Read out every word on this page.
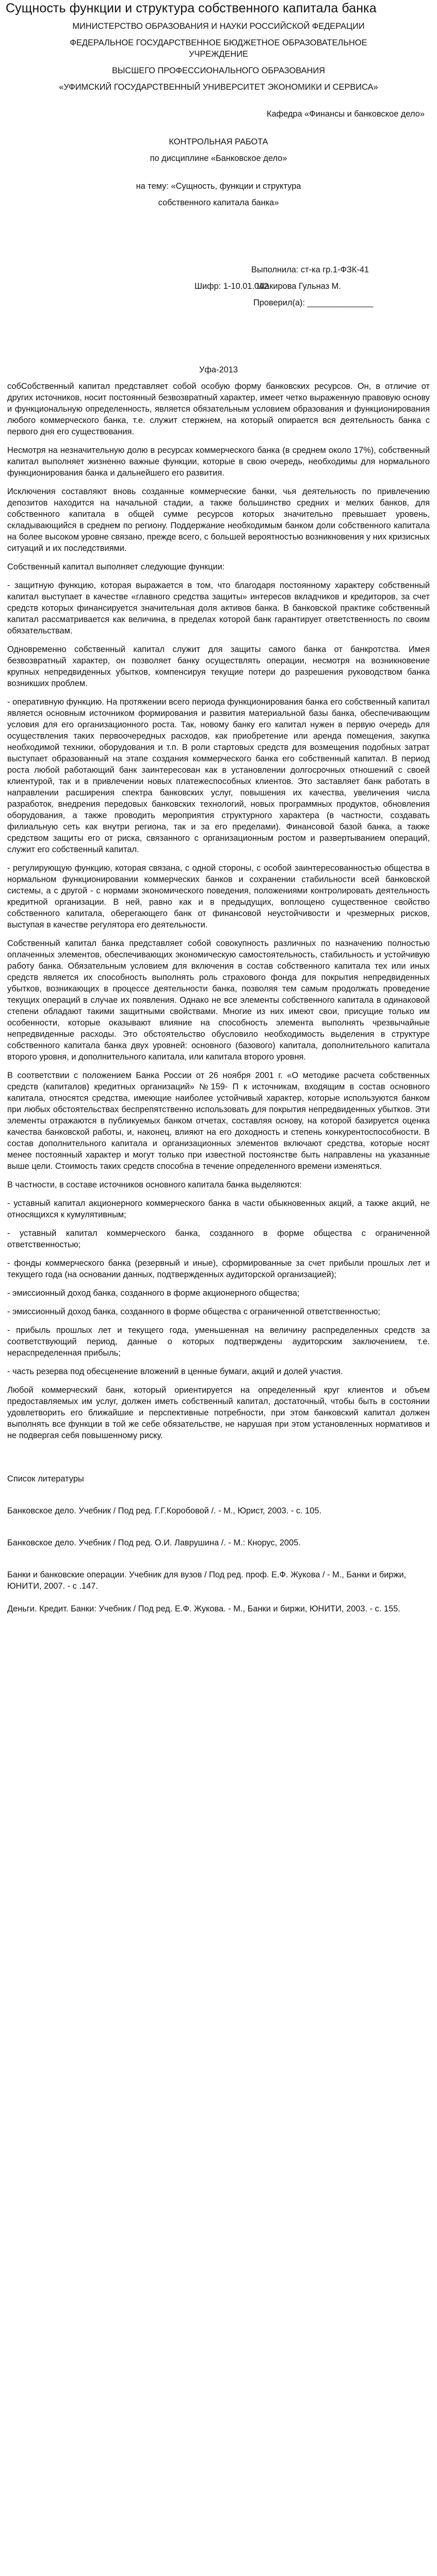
Сущность функции и структура собственного капитала банка
МИНИСТЕРСТВО ОБРАЗОВАНИЯ И НАУКИ РОССИЙСКОЙ ФЕДЕРАЦИИ
ФЕДЕРАЛЬНОЕ ГОСУДАРСТВЕННОЕ БЮДЖЕТНОЕ ОБРАЗОВАТЕЛЬНОЕ
УЧРЕЖДЕНИЕ
ВЫСШЕГО ПРОФЕССИОНАЛЬНОГО ОБРАЗОВАНИЯ
«УФИМСКИЙ ГОСУДАРСТВЕННЫЙ УНИВЕРСИТЕТ ЭКОНОМИКИ И СЕРВИСА»
Кафедра «Финансы и банковское дело»
КОНТРОЛЬНАЯ РАБОТА
по дисциплине «Банковское дело»
на тему: «Сущность, функции и структура
собственного капитала банка»
Выполнила: ст-ка гр.1-ФЗК-41
Шакирова Гульназ М.
Шифр: 1-10.01.042
Проверил(а): ______________
Уфа-2013

собСобственный капитал представляет собой особую форму банковских ресурсов. Он, в отличие от других источников, носит постоянный безвозвратный характер, имеет четко выраженную правовую основу и функциональную определенность, является обязательным условием образования и функционирования любого коммерческого банка, т.е. служит стержнем, на который опирается вся деятельность банка с первого дня его существования.

Несмотря на незначительную долю в ресурсах коммерческого банка (в среднем около 17%), собственный капитал выполняет жизненно важные функции, которые в свою очередь, необходимы для нормального функционирования банка и дальнейшего его развития.

Исключения составляют вновь созданные коммерческие банки, чья деятельность по привлечению депозитов находится на начальной стадии, а также большинство средних и мелких банков, для собственного капитала в общей сумме ресурсов которых значительно превышает уровень, складывающийся в среднем по региону. Поддержание необходимым банком доли собственного капитала на более высоком уровне связано, прежде всего, с большей вероятностью возникновения у них кризисных ситуаций и их последствиями.

Собственный капитал выполняет следующие функции:

- защитную функцию, которая выражается в том, что благодаря постоянному характеру собственный капитал выступает в качестве «главного средства защиты» интересов вкладчиков и кредиторов, за счет средств которых финансируется значительная доля активов банка. В банковской практике собственный капитал рассматривается как величина, в пределах которой банк гарантирует ответственность по своим обязательствам.

Одновременно собственный капитал служит для защиты самого банка от банкротства. Имея безвозвратный характер, он позволяет банку осуществлять операции, несмотря на возникновение крупных непредвиденных убытков, компенсируя текущие потери до разрешения руководством банка возникших проблем.

- оперативную функцию. На протяжении всего периода функционирования банка его собственный капитал является основным источником формирования и развития материальной базы банка, обеспечивающим условия для его организационного роста. Так, новому банку его капитал нужен в первую очередь для осуществления таких первоочередных расходов, как приобретение или аренда помещения, закупка необходимой техники, оборудования и т.п. В роли стартовых средств для возмещения подобных затрат выступает образованный на этапе создания коммерческого банка его собственный капитал. В период роста любой работающий банк заинтересован как в установлении долгосрочных отношений с своей клиентурой, так и в привлечении новых платежеспособных клиентов. Это заставляет банк работать в направлении расширения спектра банковских услуг, повышения их качества, увеличения числа разработок, внедрения передовых банковских технологий, новых программных продуктов, обновления оборудования, а также проводить мероприятия структурного характера (в частности, создавать филиальную сеть как внутри региона, так и за его пределами). Финансовой базой банка, а также средством защиты его от риска, связанного с организационным ростом и развертыванием операций, служит его собственный капитал.

- регулирующую функцию, которая связана, с одной стороны, с особой заинтересованностью общества в нормальном функционировании коммерческих банков и сохранении стабильности всей банковской системы, а с другой - с нормами экономического поведения, положениями контролировать деятельность кредитной организации. В ней, равно как и в предыдущих, воплощено существенное свойство собственного капитала, оберегающего банк от финансовой неустойчивости и чрезмерных рисков, выступая в качестве регулятора его деятельности.

Собственный капитал банка представляет собой совокупность различных по назначению полностью оплаченных элементов, обеспечивающих экономическую самостоятельность, стабильность и устойчивую работу банка. Обязательным условием для включения в состав собственного капитала тех или иных средств является их способность выполнять роль страхового фонда для покрытия непредвиденных убытков, возникающих в процессе деятельности банка, позволяя тем самым продолжать проведение текущих операций в случае их появления. Однако не все элементы собственного капитала в одинаковой степени обладают такими защитными свойствами. Многие из них имеют свои, присущие только им особенности, которые оказывают влияние на способность элемента выполнять чрезвычайные непредвиденные расходы. Это обстоятельство обусловило необходимость выделения в структуре собственного капитала банка двух уровней: основного (базового) капитала, дополнительного капитала второго уровня, и дополнительного капитала, или капитала второго уровня.

В соответствии с положением Банка России от 26 ноября 2001 г. «О методике расчета собственных средств (капиталов) кредитных организаций» №159- П к источникам, входящим в состав основного капитала, относятся средства, имеющие наиболее устойчивый характер, которые используются банком при любых обстоятельствах беспрепятственно использовать для покрытия непредвиденных убытков. Эти элементы отражаются в публикуемых банком отчетах, составляя основу, на которой базируется оценка качества банковской работы, и, наконец, влияют на его доходность и степень конкурентоспособности. В состав дополнительного капитала и организационных элементов включают средства, которые носят менее постоянный характер и могут только при известной постоянстве быть направлены на указанные выше цели. Стоимость таких средств способна в течение определенного времени изменяться.

В частности, в составе источников основного капитала банка выделяются:

- уставный капитал акционерного коммерческого банка в части обыкновенных акций, а также акций, не относящихся к кумулятивным;

- уставный капитал коммерческого банка, созданного в форме общества с ограниченной ответственностью;

- фонды коммерческого банка (резервный и иные), сформированные за счет прибыли прошлых лет и текущего года (на основании данных, подтвержденных аудиторской организацией);

- эмиссионный доход банка, созданного в форме акционерного общества;

- эмиссионный доход банка, созданного в форме общества с ограниченной ответственностью;

- прибыль прошлых лет и текущего года, уменьшенная на величину распределенных средств за соответствующий период, данные о которых подтверждены аудиторским заключением, т.е. нераспределенная прибыль;

- часть резерва под обесценение вложений в ценные бумаги, акций и долей участия.

Любой коммерческий банк, который ориентируется на определенный круг клиентов и объем предоставляемых им услуг, должен иметь собственный капитал, достаточный, чтобы быть в состоянии удовлетворить его ближайшие и перспективные потребности, при этом банковский капитал должен выполнять все функции в той же себе обязательстве, не нарушая при этом установленных нормативов и не подвергая себя повышенному риску.

Список литературы

Банковское дело. Учебник / Под ред. Г.Г.Коробовой /. - М., Юрист, 2003. - с. 105.

Банковское дело. Учебник / Под ред. О.И. Лаврушина /. - М.: Кнорус, 2005.

Банки и банковские операции. Учебник для вузов / Под ред. проф. Е.Ф. Жукова / - М., Банки и биржи, ЮНИТИ, 2007. - с .147.

Деньги. Кредит. Банки: Учебник / Под ред. Е.Ф. Жукова. - М., Банки и биржи, ЮНИТИ, 2003. - с. 155.
